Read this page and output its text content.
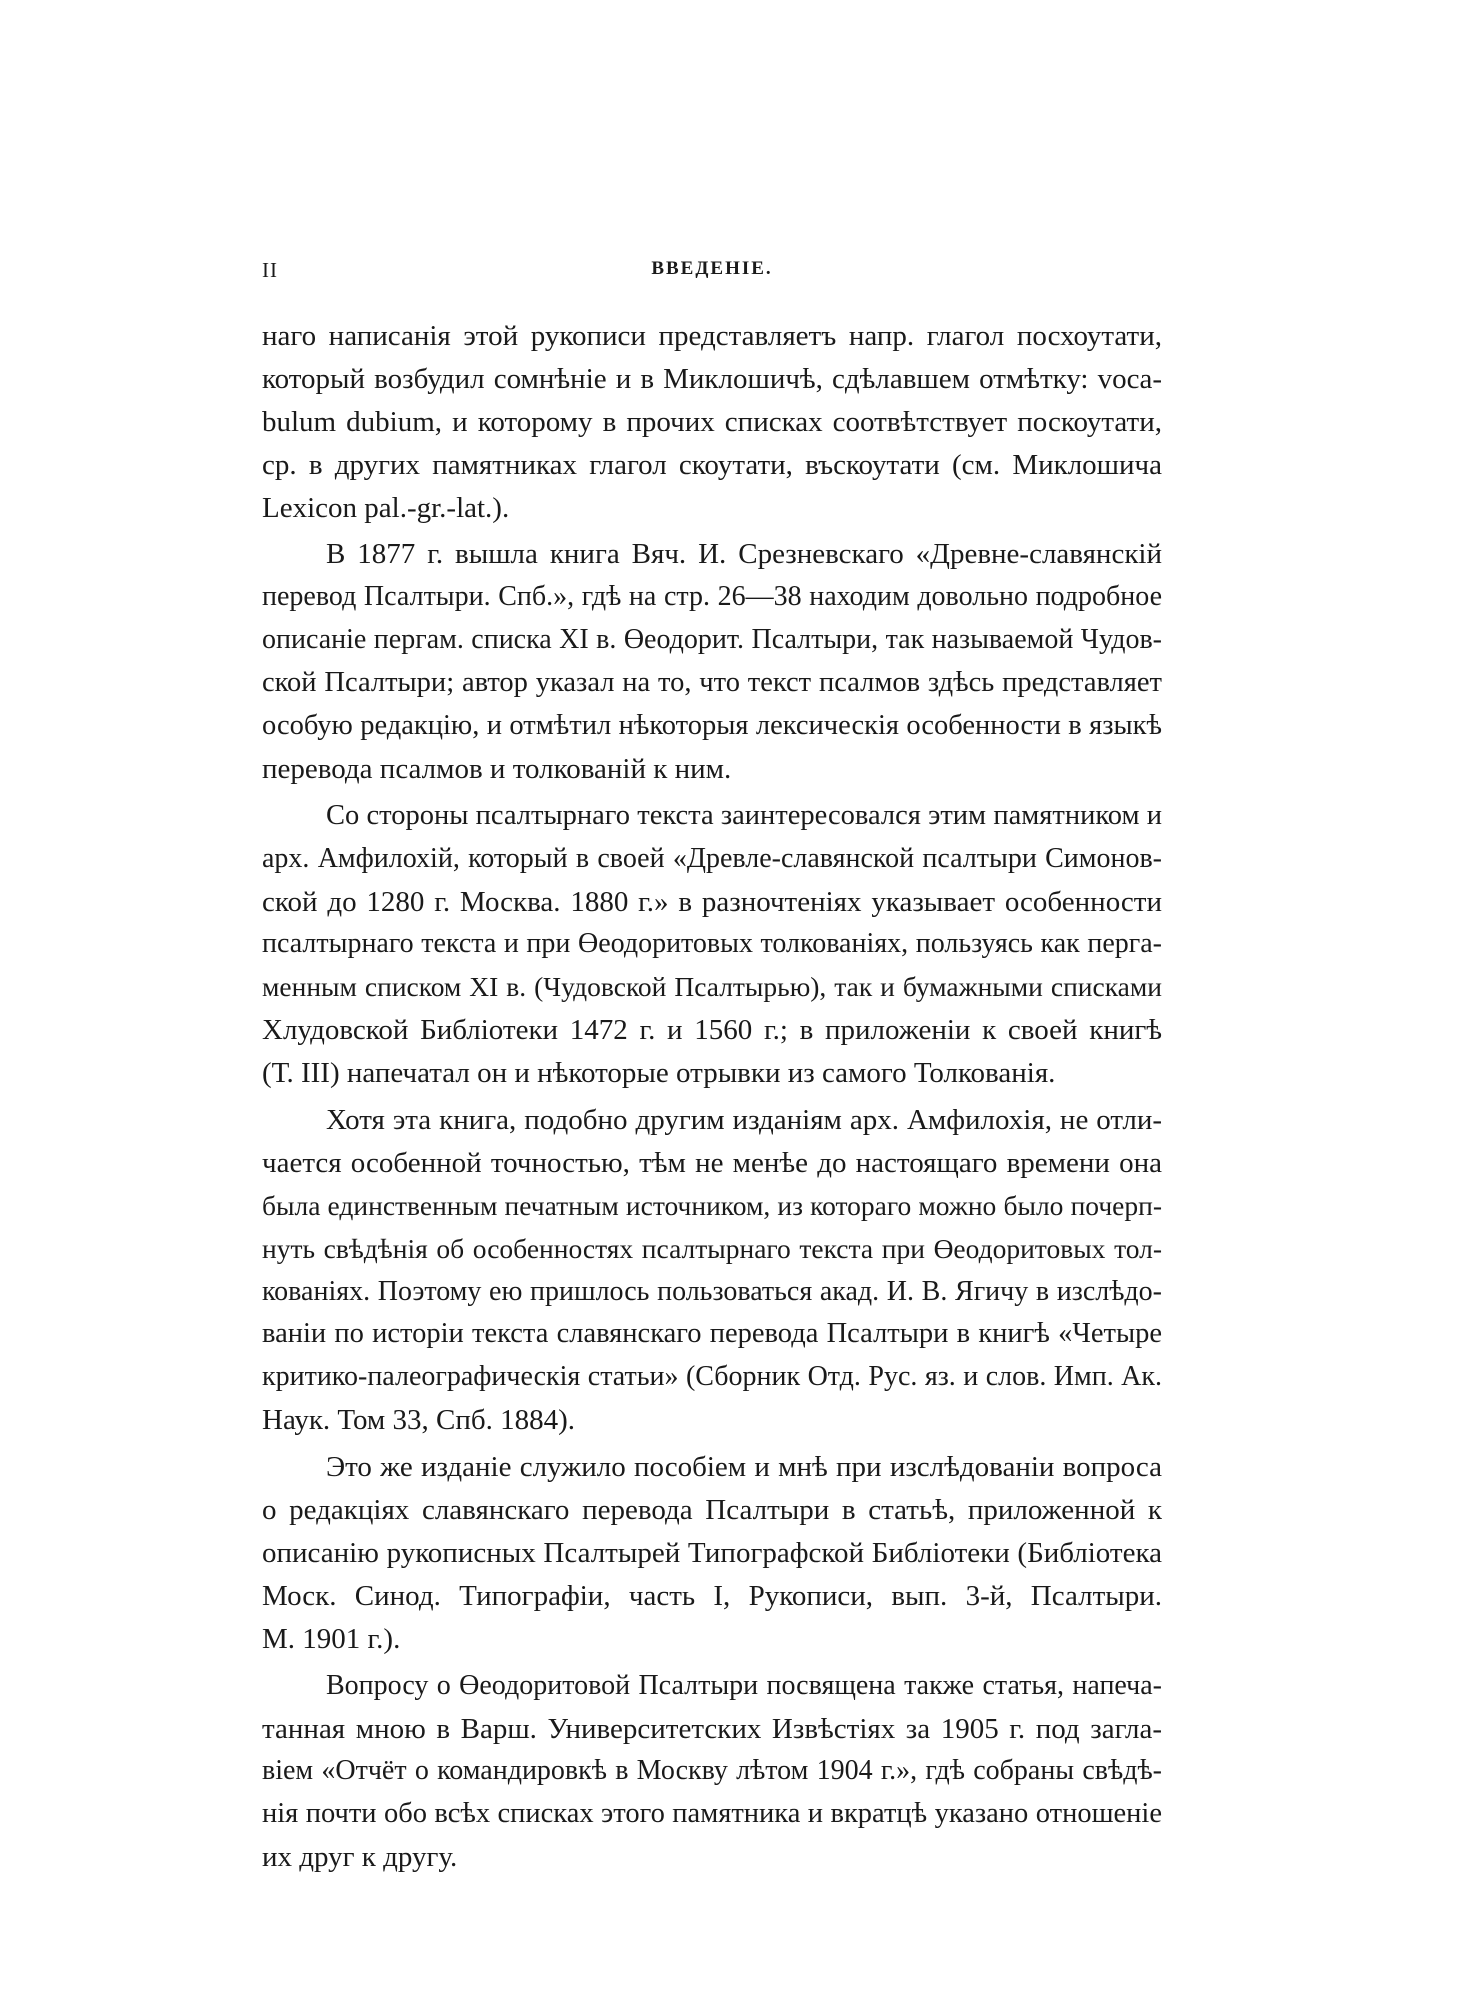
II	ВВЕДЕНІЕ.
наго написанія этой рукописи представляетъ напр. глагол посхоутати,
который возбудил сомнѣніе и в Миклошичѣ, сдѣлавшем отмѣтку: voca-
bulum dubium, и которому в прочих списках соотвѣтствует поскоутати,
ср. в других памятниках глагол скоутати, въскоутати (см. Миклошича
Lexicon pal.-gr.-lat.).
В 1877 г. вышла книга Вяч. И. Срезневскаго «Древне-славянскій
перевод Псалтыри. Спб.», гдѣ на стр. 26—38 находим довольно подробное
описаніе пергам. списка XI в. Өеодорит. Псалтыри, так называемой Чудов-
ской Псалтыри; автор указал на то, что текст псалмов здѣсь представляет
особую редакцію, и отмѣтил нѣкоторыя лексическія особенности в языкѣ
перевода псалмов и толкованій к ним.
Со стороны псалтырнаго текста заинтересовался этим памятником и
арх. Амфилохій, который в своей «Древле-славянской псалтыри Симонов-
ской до 1280 г. Москва. 1880 г.» в разночтеніях указывает особенности
псалтырнаго текста и при Өеодоритовых толкованіях, пользуясь как перга-
менным списком XI в. (Чудовской Псалтырью), так и бумажными списками
Хлудовской Библіотеки 1472 г. и 1560 г.; в приложеніи к своей книгѣ
(Т. III) напечатал он и нѣкоторые отрывки из самого Толкованія.
Хотя эта книга, подобно другим изданіям арх. Амфилохія, не отли-
чается особенной точностью, тѣм не менѣе до настоящаго времени она
была единственным печатным источником, из котораго можно было почерп-
нуть свѣдѣнія об особенностях псалтырнаго текста при Өеодоритовых тол-
кованіях. Поэтому ею пришлось пользоваться акад. И. В. Ягичу в изслѣдо-
ваніи по исторіи текста славянскаго перевода Псалтыри в книгѣ «Четыре
критико-палеографическія статьи» (Сборник Отд. Рус. яз. и слов. Имп. Ак.
Наук. Том 33, Спб. 1884).
Это же изданіе служило пособіем и мнѣ при изслѣдованіи вопроса
о редакціях славянскаго перевода Псалтыри в статьѣ, приложенной к
описанію рукописных Псалтырей Типографской Библіотеки (Библіотека
Моск. Синод. Типографіи, часть I, Рукописи, вып. 3-й, Псалтыри.
М. 1901 г.).
Вопросу о Өеодоритовой Псалтыри посвящена также статья, напеча-
танная мною в Варш. Университетских Извѣстіях за 1905 г. под загла-
віем «Отчёт о командировкѣ в Москву лѣтом 1904 г.», гдѣ собраны свѣдѣ-
нія почти обо всѣх списках этого памятника и вкратцѣ указано отношеніе
их друг к другу.
